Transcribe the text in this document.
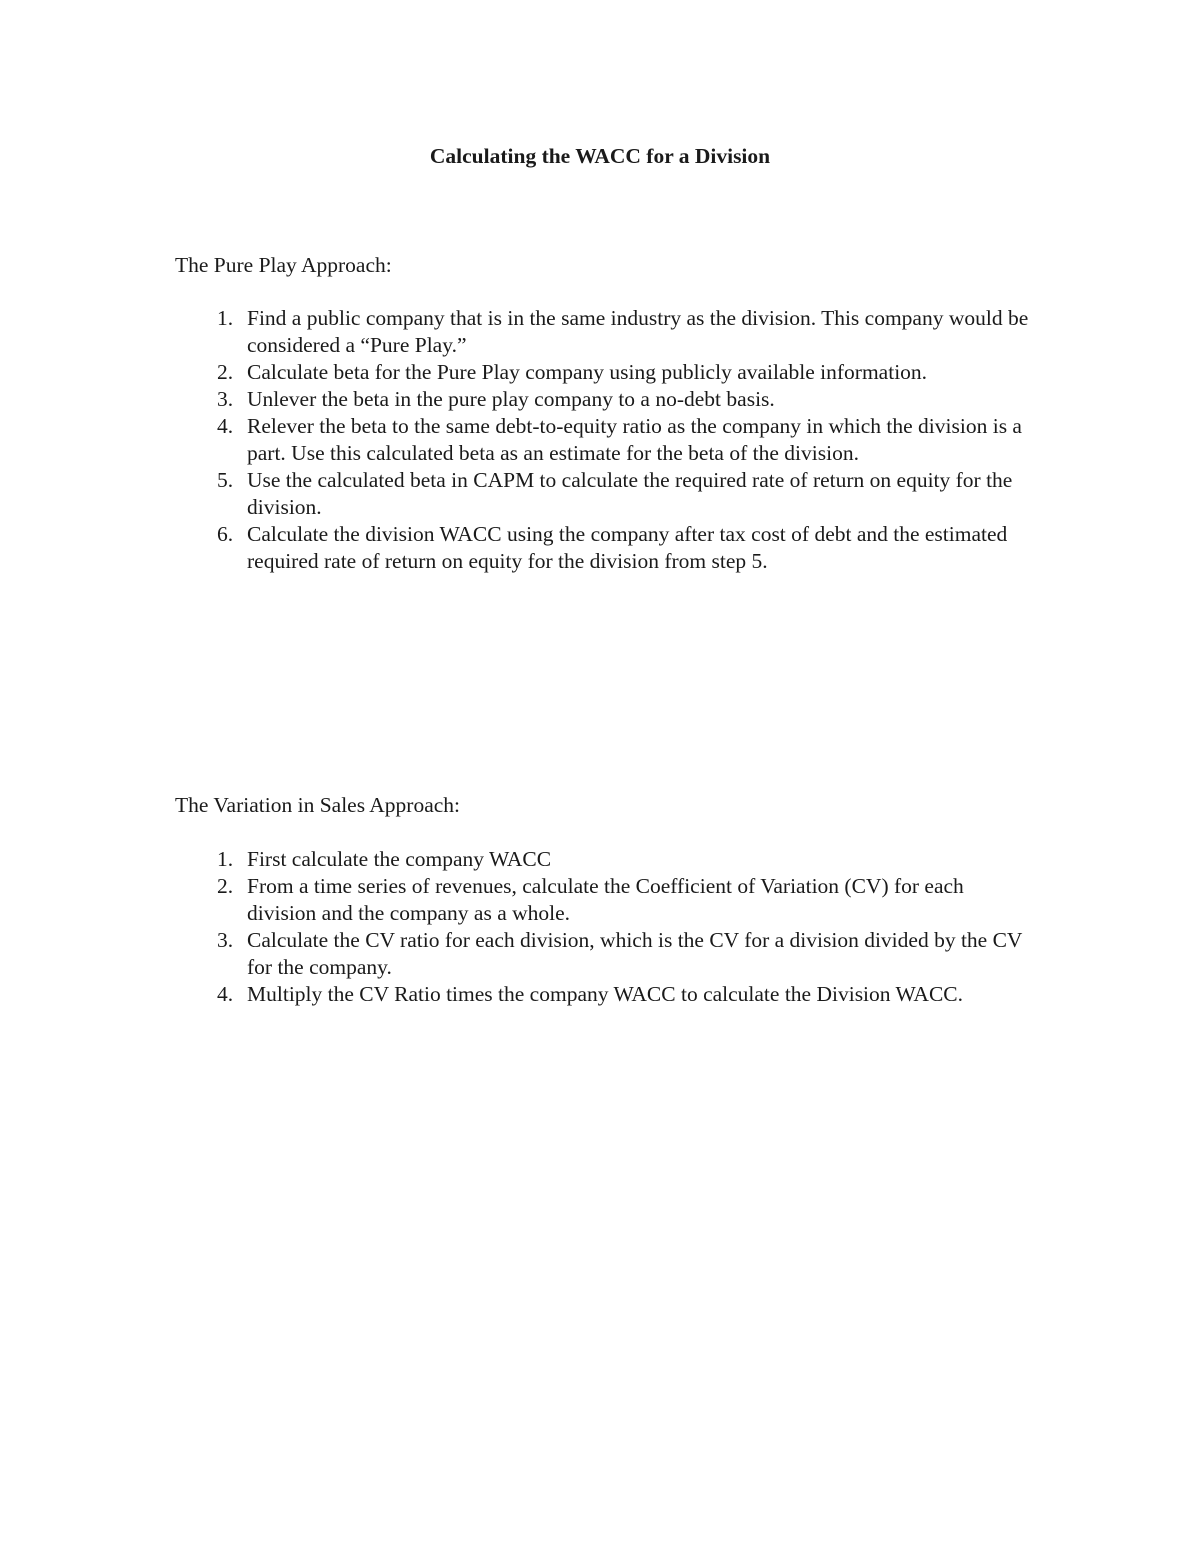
Calculating the WACC for a Division

The Pure Play Approach:

1. Find a public company that is in the same industry as the division. This company would be considered a “Pure Play.”
2. Calculate beta for the Pure Play company using publicly available information.
3. Unlever the beta in the pure play company to a no-debt basis.
4. Relever the beta to the same debt-to-equity ratio as the company in which the division is a part. Use this calculated beta as an estimate for the beta of the division.
5. Use the calculated beta in CAPM to calculate the required rate of return on equity for the division.
6. Calculate the division WACC using the company after tax cost of debt and the estimated required rate of return on equity for the division from step 5.

The Variation in Sales Approach:

1. First calculate the company WACC
2. From a time series of revenues, calculate the Coefficient of Variation (CV) for each division and the company as a whole.
3. Calculate the CV ratio for each division, which is the CV for a division divided by the CV for the company.
4. Multiply the CV Ratio times the company WACC to calculate the Division WACC.
